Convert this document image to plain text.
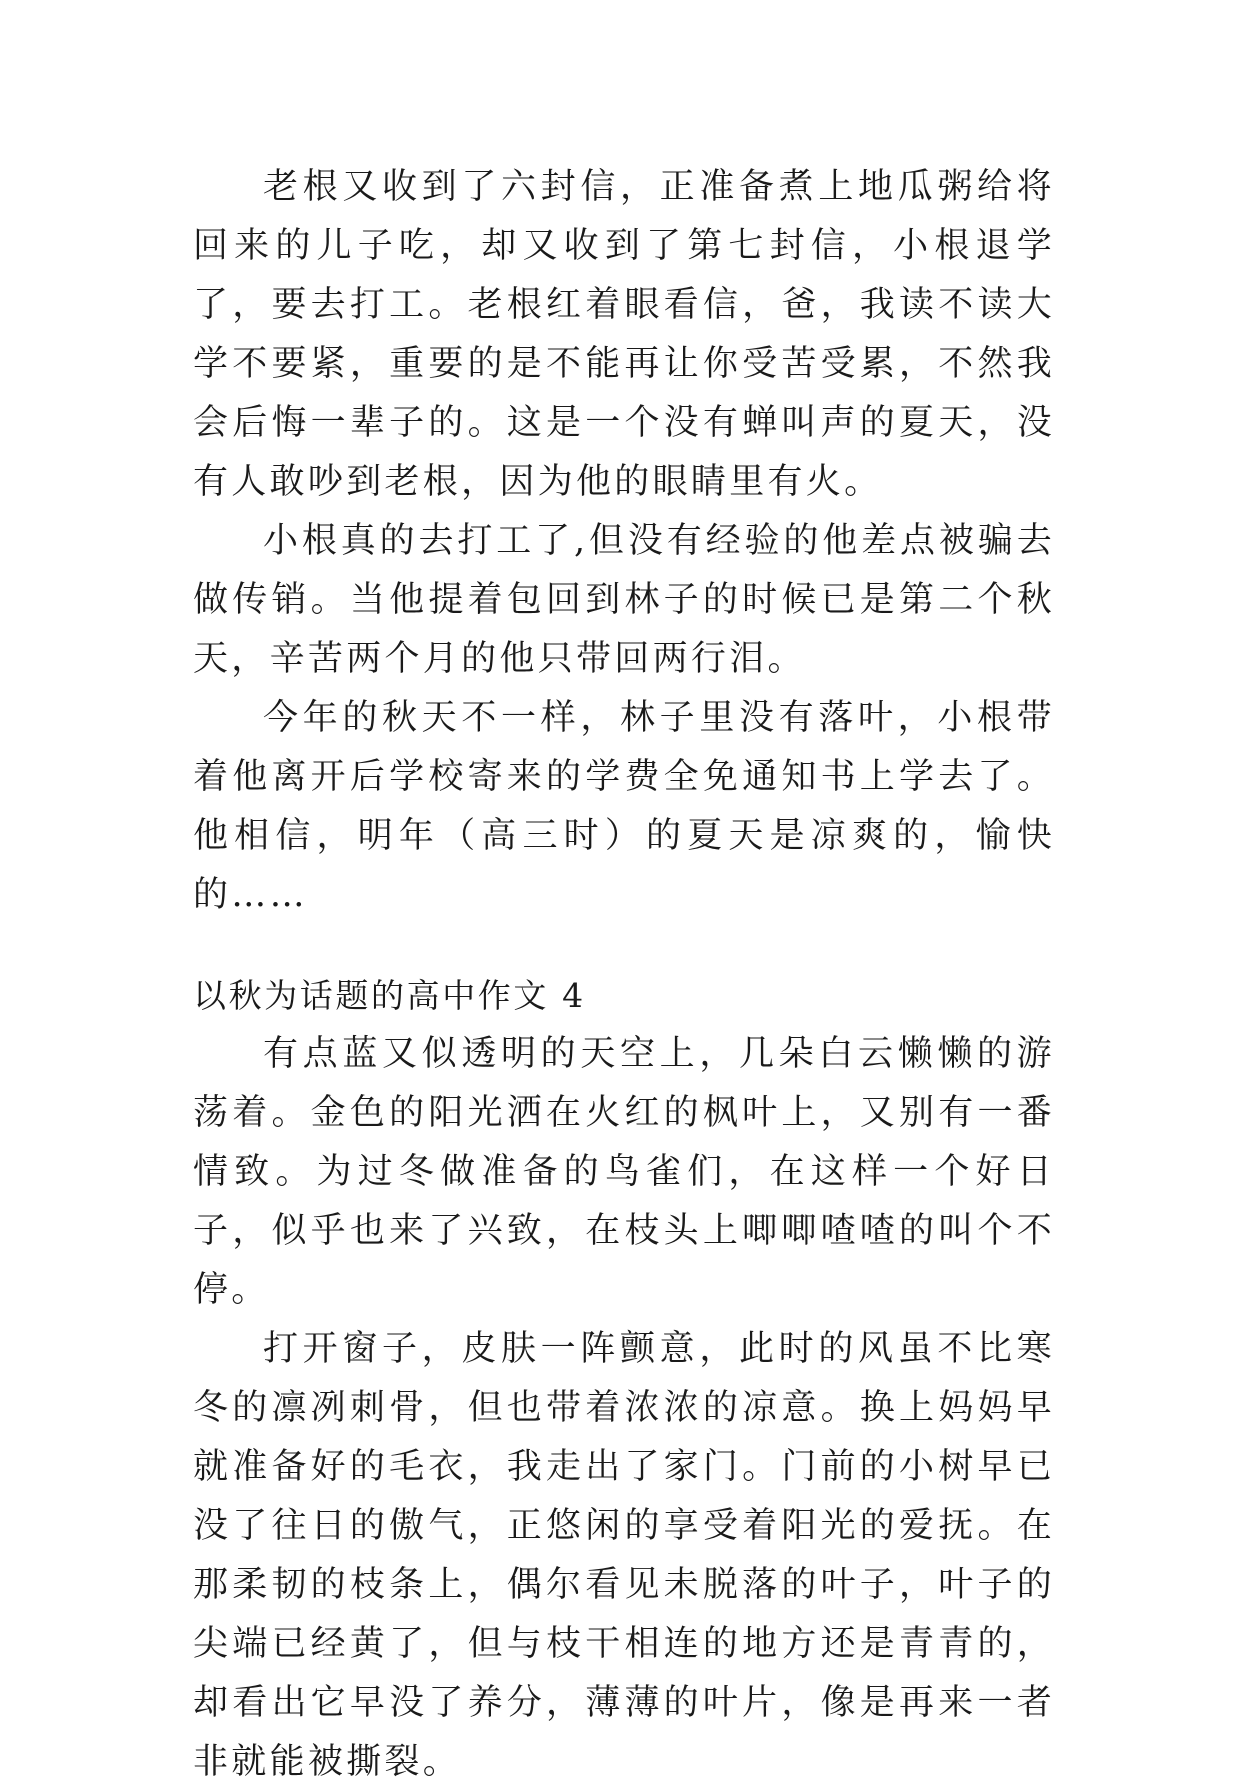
老根又收到了六封信，正准备煮上地瓜粥给将回来的儿子吃，却又收到了第七封信，小根退学了，要去打工。老根红着眼看信，爸，我读不读大学不要紧，重要的是不能再让你受苦受累，不然我会后悔一辈子的。这是一个没有蝉叫声的夏天，没有人敢吵到老根，因为他的眼睛里有火。

小根真的去打工了,但没有经验的他差点被骗去做传销。当他提着包回到林子的时候已是第二个秋天，辛苦两个月的他只带回两行泪。

今年的秋天不一样，林子里没有落叶，小根带着他离开后学校寄来的学费全免通知书上学去了。他相信，明年（高三时）的夏天是凉爽的，愉快的……

以秋为话题的高中作文 4

有点蓝又似透明的天空上，几朵白云懒懒的游荡着。金色的阳光洒在火红的枫叶上，又别有一番情致。为过冬做准备的鸟雀们，在这样一个好日子，似乎也来了兴致，在枝头上唧唧喳喳的叫个不停。

打开窗子，皮肤一阵颤意，此时的风虽不比寒冬的凛冽刺骨，但也带着浓浓的凉意。换上妈妈早就准备好的毛衣，我走出了家门。门前的小树早已没了往日的傲气，正悠闲的享受着阳光的爱抚。在那柔韧的枝条上，偶尔看见未脱落的叶子，叶子的尖端已经黄了，但与枝干相连的地方还是青青的，却看出它早没了养分，薄薄的叶片，像是再来一者非就能被撕裂。
